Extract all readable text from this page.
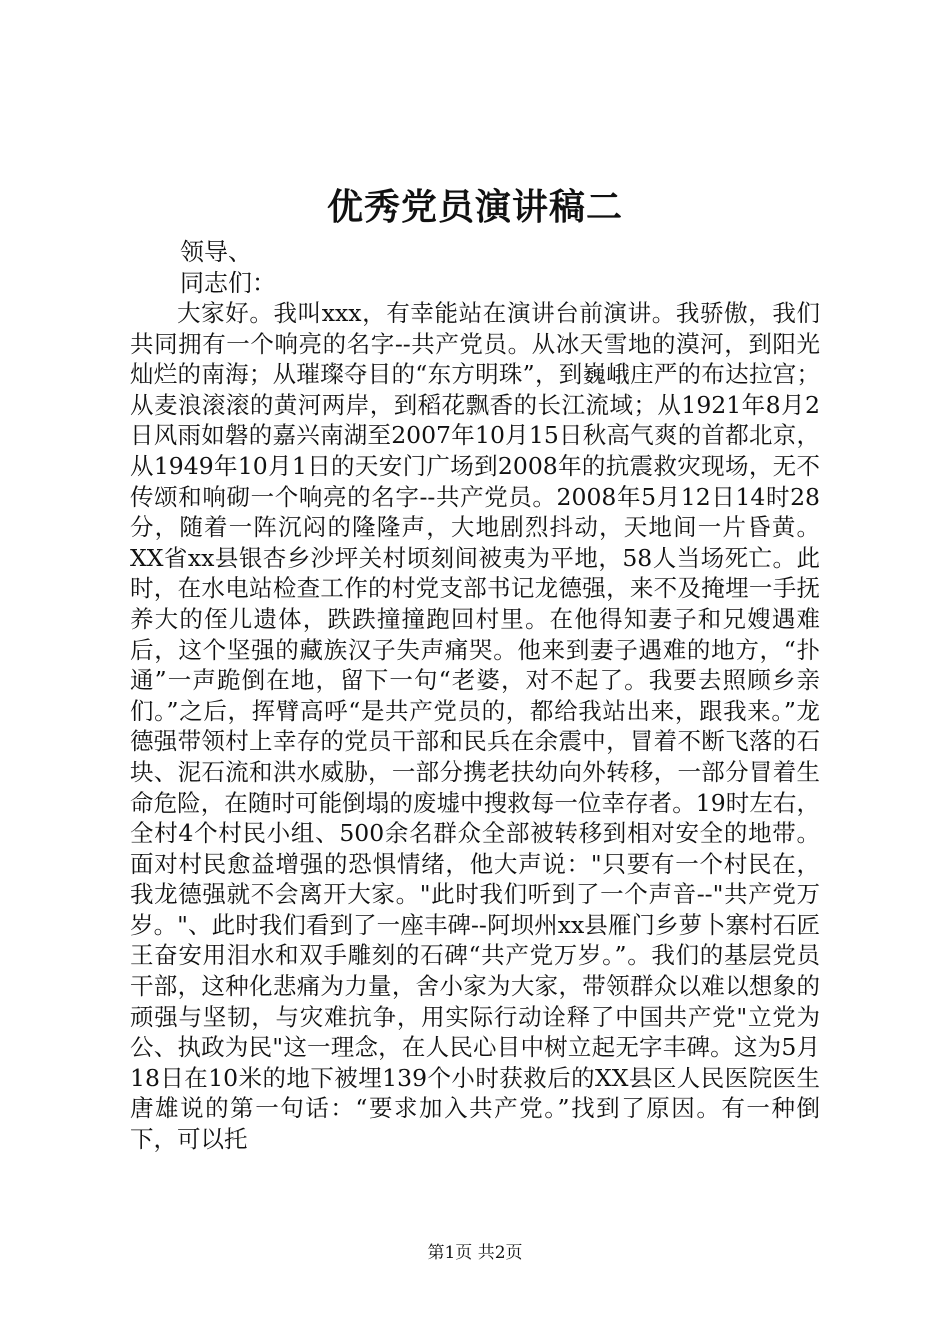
优秀党员演讲稿二

领导、

同志们：

大家好。我叫xxx，有幸能站在演讲台前演讲。我骄傲，我们共同拥有一个响亮的名字--共产党员。从冰天雪地的漠河，到阳光灿烂的南海；从璀璨夺目的“东方明珠”，到巍峨庄严的布达拉宫；从麦浪滚滚的黄河两岸，到稻花飘香的长江流域；从1921年8月2日风雨如磐的嘉兴南湖至2007年10月15日秋高气爽的首都北京，从1949年10月1日的天安门广场到2008年的抗震救灾现场，无不传颂和响砌一个响亮的名字--共产党员。2008年5月12日14时28分，随着一阵沉闷的隆隆声，大地剧烈抖动，天地间一片昏黄。XX省xx县银杏乡沙坪关村顷刻间被夷为平地，58人当场死亡。此时，在水电站检查工作的村党支部书记龙德强，来不及掩埋一手抚养大的侄儿遗体，跌跌撞撞跑回村里。在他得知妻子和兄嫂遇难后，这个坚强的藏族汉子失声痛哭。他来到妻子遇难的地方，“扑通”一声跪倒在地，留下一句“老婆，对不起了。我要去照顾乡亲们。”之后，挥臂高呼“是共产党员的，都给我站出来，跟我来。”龙德强带领村上幸存的党员干部和民兵在余震中，冒着不断飞落的石块、泥石流和洪水威胁，一部分携老扶幼向外转移，一部分冒着生命危险，在随时可能倒塌的废墟中搜救每一位幸存者。19时左右，全村4个村民小组、500余名群众全部被转移到相对安全的地带。面对村民愈益增强的恐惧情绪，他大声说："只要有一个村民在，我龙德强就不会离开大家。"此时我们听到了一个声音--"共产党万岁。"、此时我们看到了一座丰碑--阿坝州xx县雁门乡萝卜寨村石匠王奋安用泪水和双手雕刻的石碑“共产党万岁。”。我们的基层党员干部，这种化悲痛为力量，舍小家为大家，带领群众以难以想象的顽强与坚韧，与灾难抗争，用实际行动诠释了中国共产党"立党为公、执政为民"这一理念，在人民心目中树立起无字丰碑。这为5月18日在10米的地下被埋139个小时获救后的XX县区人民医院医生唐雄说的第一句话：“要求加入共产党。”找到了原因。有一种倒下，可以托

第1页 共2页
